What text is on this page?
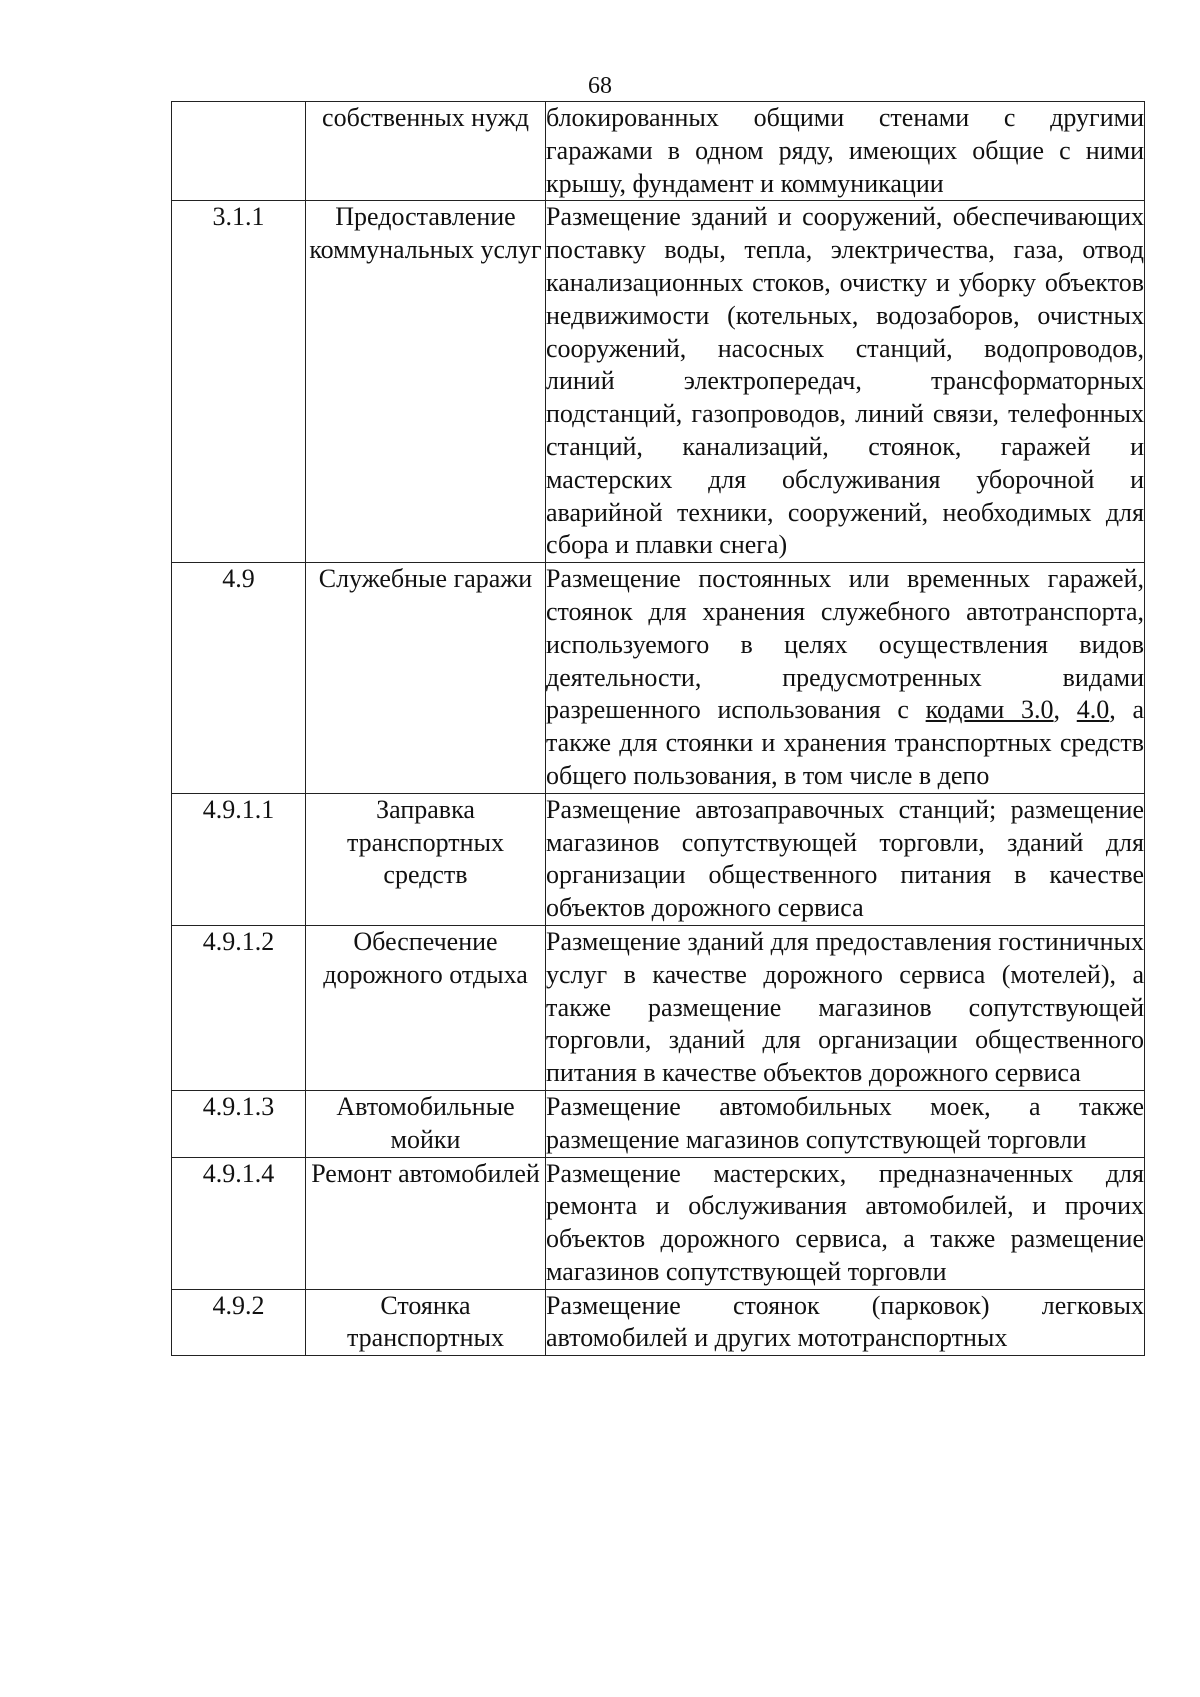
68
	собственных нужд	блокированных общими стенами с другими гаражами в одном ряду, имеющих общие с ними крышу, фундамент и коммуникации
3.1.1	Предоставление коммунальных услуг	Размещение зданий и сооружений, обеспечивающих поставку воды, тепла, электричества, газа, отвод канализационных стоков, очистку и уборку объектов недвижимости (котельных, водозаборов, очистных сооружений, насосных станций, водопроводов, линий электропередач, трансформаторных подстанций, газопроводов, линий связи, телефонных станций, канализаций, стоянок, гаражей и мастерских для обслуживания уборочной и аварийной техники, сооружений, необходимых для сбора и плавки снега)
4.9	Служебные гаражи	Размещение постоянных или временных гаражей, стоянок для хранения служебного автотранспорта, используемого в целях осуществления видов деятельности, предусмотренных видами разрешенного использования с кодами 3.0, 4.0, а также для стоянки и хранения транспортных средств общего пользования, в том числе в депо
4.9.1.1	Заправка транспортных средств	Размещение автозаправочных станций; размещение магазинов сопутствующей торговли, зданий для организации общественного питания в качестве объектов дорожного сервиса
4.9.1.2	Обеспечение дорожного отдыха	Размещение зданий для предоставления гостиничных услуг в качестве дорожного сервиса (мотелей), а также размещение магазинов сопутствующей торговли, зданий для организации общественного питания в качестве объектов дорожного сервиса
4.9.1.3	Автомобильные мойки	Размещение автомобильных моек, а также размещение магазинов сопутствующей торговли
4.9.1.4	Ремонт автомобилей	Размещение мастерских, предназначенных для ремонта и обслуживания автомобилей, и прочих объектов дорожного сервиса, а также размещение магазинов сопутствующей торговли
4.9.2	Стоянка транспортных	Размещение стоянок (парковок) легковых автомобилей и других мототранспортных
